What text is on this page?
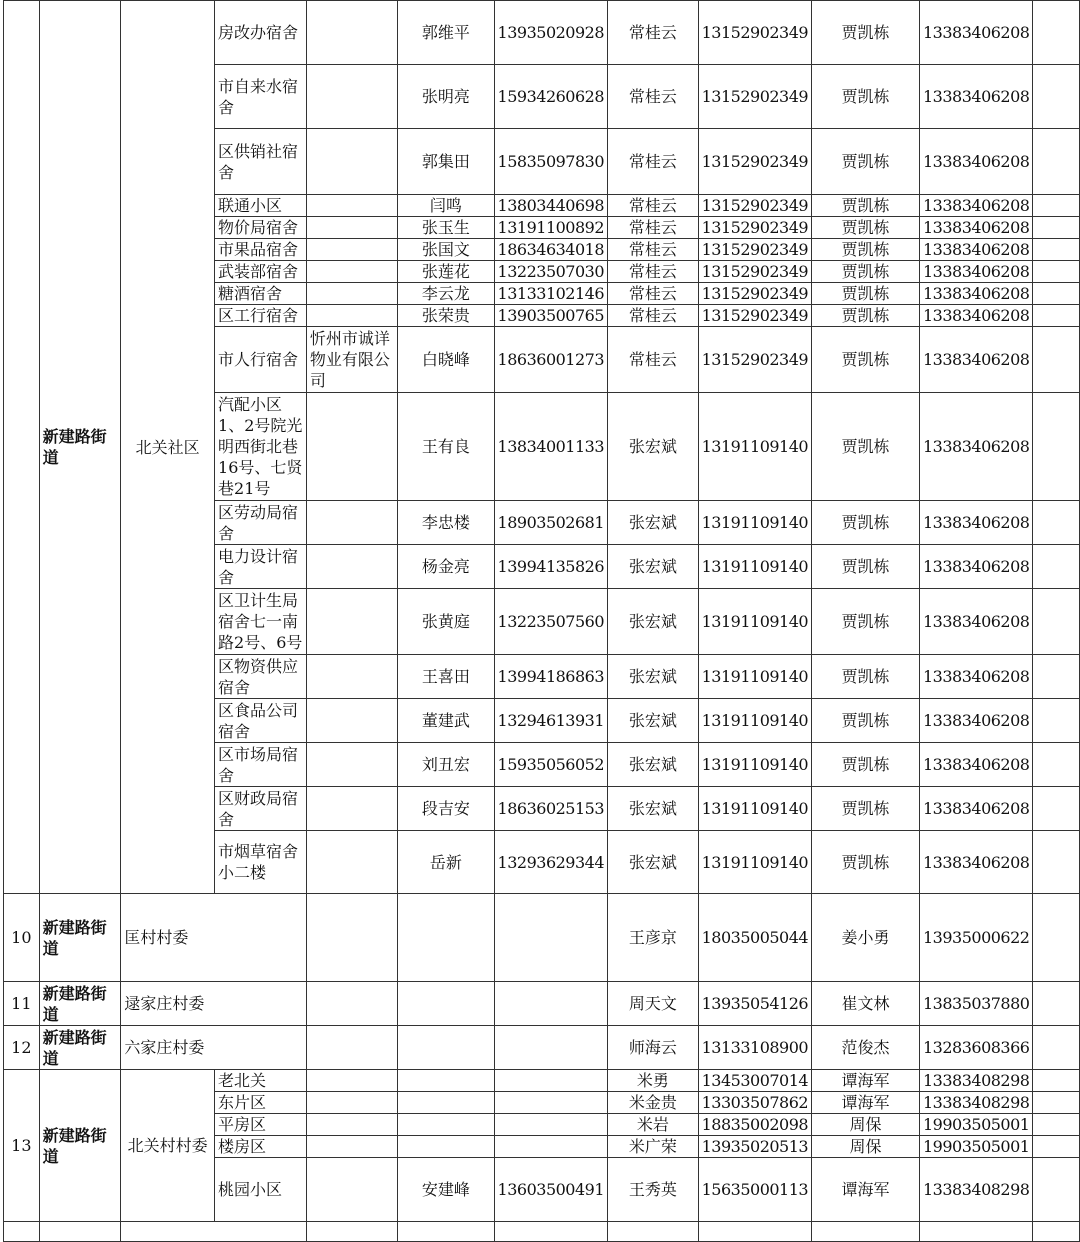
	新建路街道	北关社区	房改办宿舍		郭维平	13935020928	常桂云	13152902349	贾凯栋	13383406208	
			市自来水宿舍		张明亮	15934260628	常桂云	13152902349	贾凯栋	13383406208	
			区供销社宿舍		郭集田	15835097830	常桂云	13152902349	贾凯栋	13383406208	
			联通小区		闫鸣	13803440698	常桂云	13152902349	贾凯栋	13383406208	
			物价局宿舍		张玉生	13191100892	常桂云	13152902349	贾凯栋	13383406208	
			市果品宿舍		张国文	18634634018	常桂云	13152902349	贾凯栋	13383406208	
			武装部宿舍		张莲花	13223507030	常桂云	13152902349	贾凯栋	13383406208	
			糖酒宿舍		李云龙	13133102146	常桂云	13152902349	贾凯栋	13383406208	
			区工行宿舍		张荣贵	13903500765	常桂云	13152902349	贾凯栋	13383406208	
			市人行宿舍	忻州市诚详物业有限公司	白晓峰	18636001273	常桂云	13152902349	贾凯栋	13383406208	
			汽配小区1、2号院光明西街北巷16号、七贤巷21号		王有良	13834001133	张宏斌	13191109140	贾凯栋	13383406208	
			区劳动局宿舍		李忠楼	18903502681	张宏斌	13191109140	贾凯栋	13383406208	
			电力设计宿舍		杨金亮	13994135826	张宏斌	13191109140	贾凯栋	13383406208	
			区卫计生局宿舍七一南路2号、6号		张黄庭	13223507560	张宏斌	13191109140	贾凯栋	13383406208	
			区物资供应宿舍		王喜田	13994186863	张宏斌	13191109140	贾凯栋	13383406208	
			区食品公司宿舍		董建武	13294613931	张宏斌	13191109140	贾凯栋	13383406208	
			区市场局宿舍		刘丑宏	15935056052	张宏斌	13191109140	贾凯栋	13383406208	
			区财政局宿舍		段吉安	18636025153	张宏斌	13191109140	贾凯栋	13383406208	
			市烟草宿舍小二楼		岳新	13293629344	张宏斌	13191109140	贾凯栋	13383406208	
10	新建路街道	匡村村委					王彦京	18035005044	姜小勇	13935000622	
11	新建路街道	逯家庄村委					周天文	13935054126	崔文林	13835037880	
12	新建路街道	六家庄村委					师海云	13133108900	范俊杰	13283608366	
13	新建路街道	北关村村委	老北关				米勇	13453007014	谭海军	13383408298	
			东片区				米金贵	13303507862	谭海军	13383408298	
			平房区				米岩	18835002098	周保	19903505001	
			楼房区				米广荣	13935020513	周保	19903505001	
			桃园小区		安建峰	13603500491	王秀英	15635000113	谭海军	13383408298	
